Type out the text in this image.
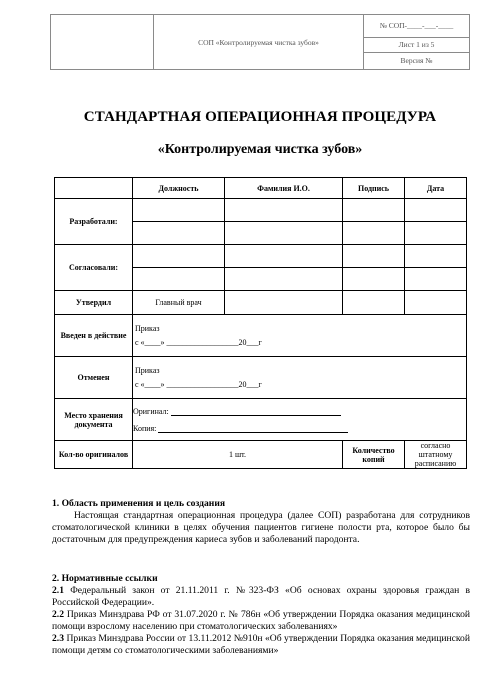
СОП «Контролируемая чистка зубов»
№ СОП-____-___-____
Лист 1 из 5
Версия №
СТАНДАРТНАЯ ОПЕРАЦИОННАЯ ПРОЦЕДУРА
«Контролируемая чистка зубов»
	Должность	Фамилия И.О.	Подпись	Дата
Разработали:				

Согласовали:				

Утвердил	Главный врач			
Введен в действие	Приказ
с «____» __________________20___г			

Отменен	Приказ
с «____» __________________20___г			

Место хранения документа	Оригинал:
Копия:			

Кол-во оригиналов	1 шт.		Количество копий	согласно штатному расписанию
1. Область применения и цель создания
Настоящая стандартная операционная процедура (далее СОП) разработана для сотрудников стоматологической клиники в целях обучения пациентов гигиене полости рта, которое было бы достаточным для предупреждения кариеса зубов и заболеваний пародонта.
2. Нормативные ссылки
2.1 Федеральный закон от 21.11.2011 г. №323-ФЗ «Об основах охраны здоровья граждан в Российской Федерации».
2.2 Приказ Минздрава РФ от 31.07.2020 г. № 786н «Об утверждении Порядка оказания медицинской помощи взрослому населению при стоматологических заболеваниях»
2.3 Приказ Минздрава России от 13.11.2012 №910н «Об утверждении Порядка оказания медицинской помощи детям со стоматологическими заболеваниями»
